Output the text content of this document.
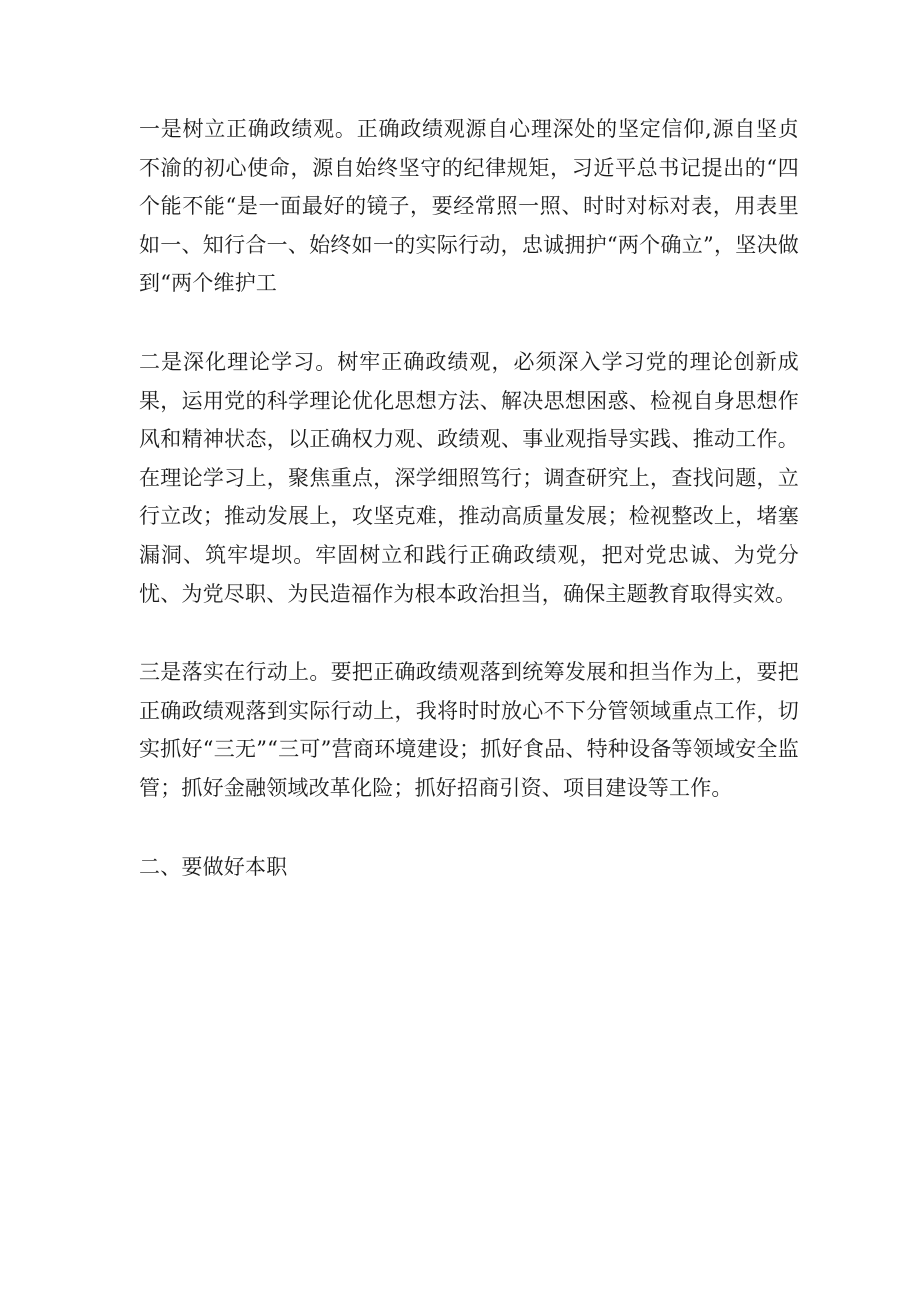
一是树立正确政绩观。正确政绩观源自心理深处的坚定信仰,源自坚贞不渝的初心使命，源自始终坚守的纪律规矩，习近平总书记提出的“四个能不能“是一面最好的镜子，要经常照一照、时时对标对表，用表里如一、知行合一、始终如一的实际行动，忠诚拥护“两个确立”，坚决做到“两个维护工

二是深化理论学习。树牢正确政绩观，必须深入学习党的理论创新成果，运用党的科学理论优化思想方法、解决思想困惑、检视自身思想作风和精神状态，以正确权力观、政绩观、事业观指导实践、推动工作。在理论学习上，聚焦重点，深学细照笃行；调查研究上，查找问题，立行立改；推动发展上，攻坚克难，推动高质量发展；检视整改上，堵塞漏洞、筑牢堤坝。牢固树立和践行正确政绩观，把对党忠诚、为党分忧、为党尽职、为民造福作为根本政治担当，确保主题教育取得实效。

三是落实在行动上。要把正确政绩观落到统筹发展和担当作为上，要把正确政绩观落到实际行动上，我将时时放心不下分管领域重点工作，切实抓好“三无”“三可”营商环境建设；抓好食品、特种设备等领域安全监管；抓好金融领域改革化险；抓好招商引资、项目建设等工作。

二、要做好本职
